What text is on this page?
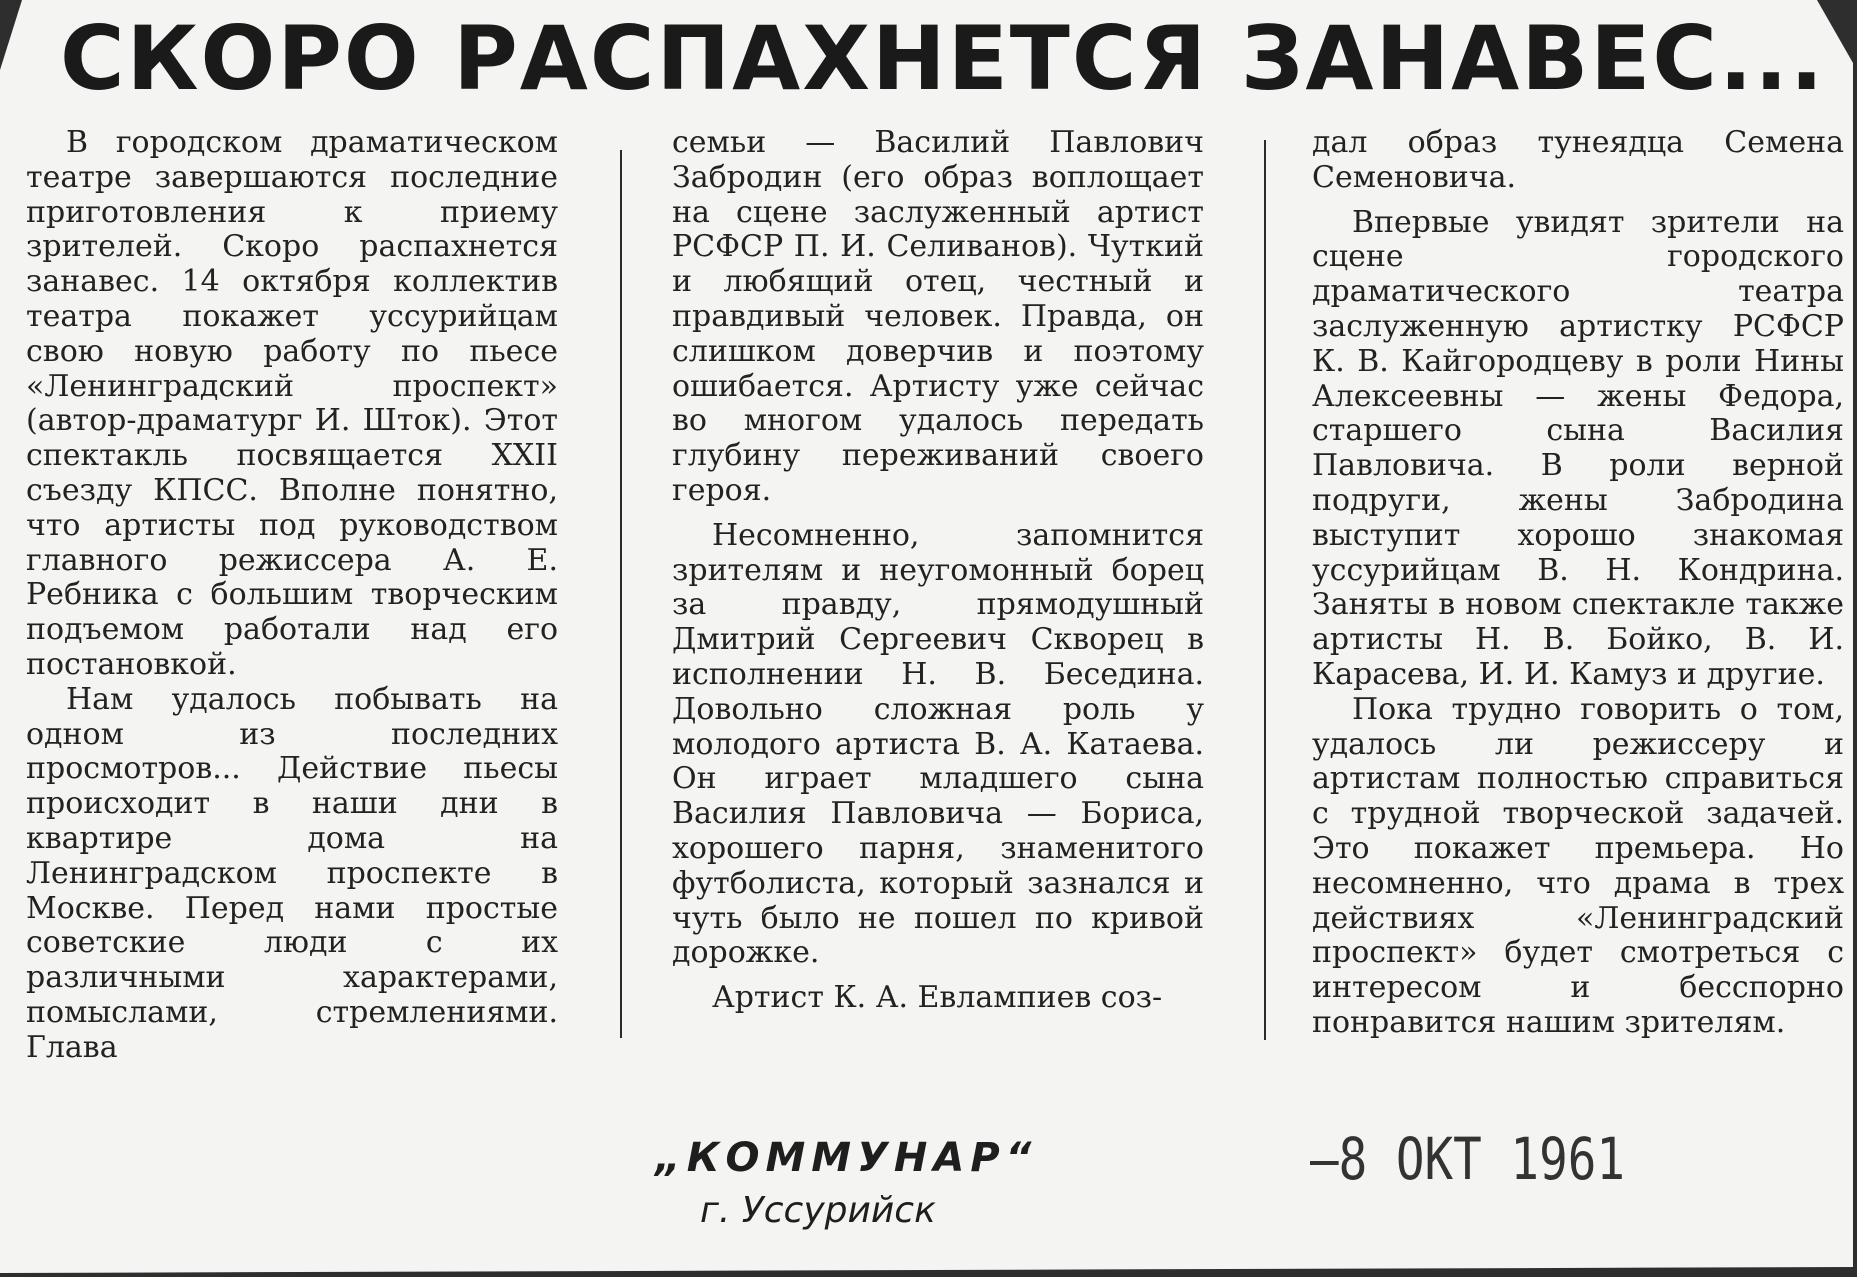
СКОРО РАСПАХНЕТСЯ ЗАНАВЕС...

В городском драматическом театре завершаются последние приготовления к приему зрителей. Скоро распахнется занавес. 14 октября коллектив театра покажет уссурийцам свою новую работу по пьесе «Ленинградский проспект» (автор-драматург И. Шток). Этот спектакль посвящается XXII съезду КПСС. Вполне понятно, что артисты под руководством главного режиссера А. Е. Ребника с большим творческим подъемом работали над его постановкой.

Нам удалось побывать на одном из последних просмотров... Действие пьесы происходит в наши дни в квартире дома на Ленинградском проспекте в Москве. Перед нами простые советские люди с их различными характерами, помыслами, стремлениями. Глава

семьи — Василий Павлович Забродин (его образ воплощает на сцене заслуженный артист РСФСР П. И. Селиванов). Чуткий и любящий отец, честный и правдивый человек. Правда, он слишком доверчив и поэтому ошибается. Артисту уже сейчас во многом удалось передать глубину переживаний своего героя.

Несомненно, запомнится зрителям и неугомонный борец за правду, прямодушный Дмитрий Сергеевич Скворец в исполнении Н. В. Беседина. Довольно сложная роль у молодого артиста В. А. Катаева. Он играет младшего сына Василия Павловича — Бориса, хорошего парня, знаменитого футболиста, который зазнался и чуть было не пошел по кривой дорожке.

Артист К. А. Евлампиев соз-

дал образ тунеядца Семена Семеновича.

Впервые увидят зрители на сцене городского драматического театра заслуженную артистку РСФСР К. В. Кайгородцеву в роли Нины Алексеевны — жены Федора, старшего сына Василия Павловича. В роли верной подруги, жены Забродина выступит хорошо знакомая уссурийцам В. Н. Кондрина. Заняты в новом спектакле также артисты Н. В. Бойко, В. И. Карасева, И. И. Камуз и другие.

Пока трудно говорить о том, удалось ли режиссеру и артистам полностью справиться с трудной творческой задачей. Это покажет премьера. Но несомненно, что драма в трех действиях «Ленинградский проспект» будет смотреться с интересом и бесспорно понравится нашим зрителям.

„КОММУНАР“
г. Уссурийск
—8 ОКТ 1961
